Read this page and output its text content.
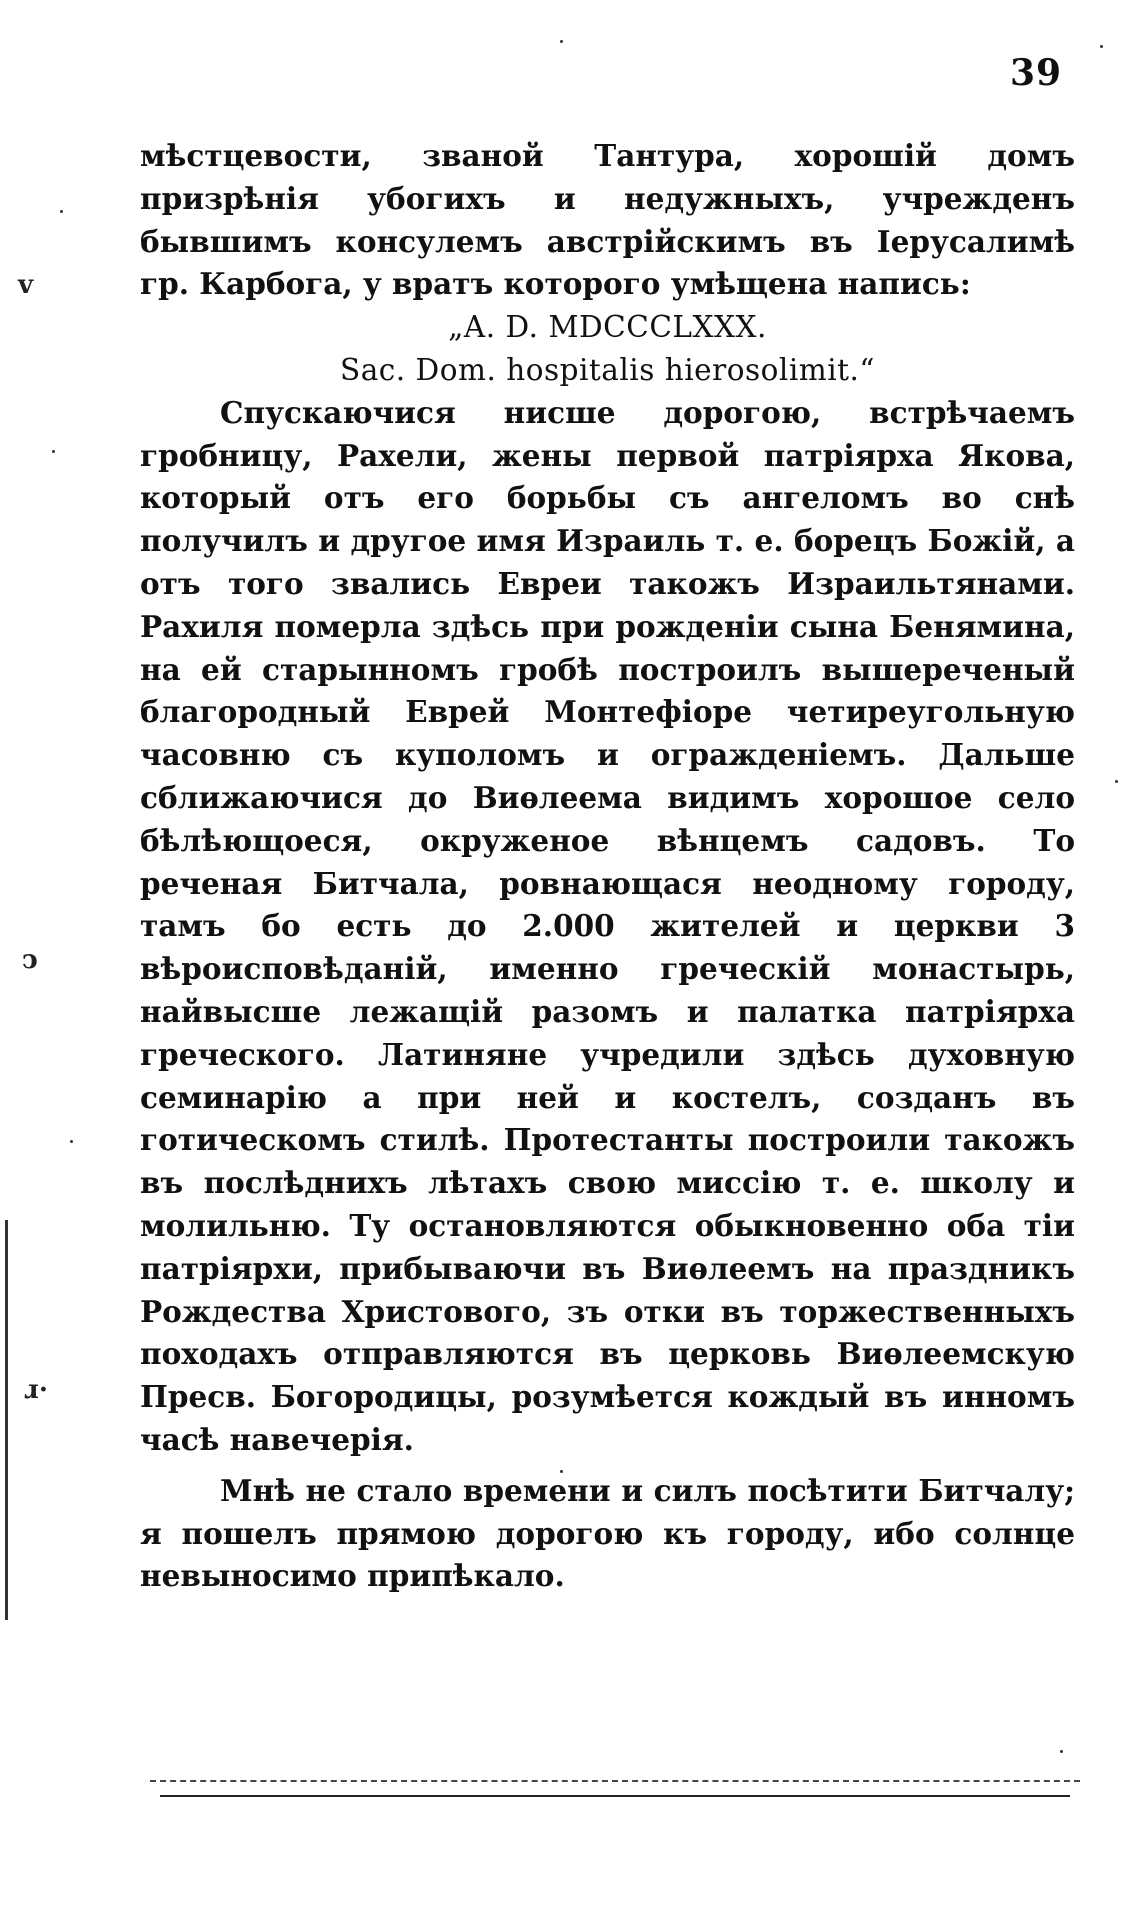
39

мѣстцевости, званой Тантура, хорошій домъ призрѣнія убогихъ и недужныхъ, учрежденъ бывшимъ консулемъ австрійскимъ въ Іерусалимѣ гр. Карбога, у вратъ которого умѣщена напись:

„A. D. MDCCCLXXX.
Sac. Dom. hospitalis hierosolimit.“

Спускаючися нисше дорогою, встрѣчаемъ гробницу, Рахели, жены первой патріярха Якова, который отъ его борьбы съ ангеломъ во снѣ получилъ и другое имя Израиль т. е. борецъ Божій, а отъ того звались Евреи такожъ Израильтянами. Рахиля померла здѣсь при рожденіи сына Бенямина, на ей старынномъ гробѣ построилъ вышереченый благородный Еврей Монтефіоре четиреугольную часовню съ куполомъ и огражденіемъ. Дальше сближаючися до Виѳлеема видимъ хорошое село бѣлѣющоеся, окруженое вѣнцемъ садовъ. То реченая Битчала, ровнающася неодному городу, тамъ бо есть до 2.000 жителей и церкви 3 вѣроисповѣданій, именно греческій монастырь, найвысше лежащій разомъ и палатка патріярха греческого. Латиняне учредили здѣсь духовную семинарію а при ней и костелъ, созданъ въ готическомъ стилѣ. Протестанты построили такожъ въ послѣднихъ лѣтахъ свою миссію т. е. школу и молильню. Ту остановляются обыкновенно оба тіи патріярхи, прибываючи въ Виѳлеемъ на праздникъ Рождества Христового, зъ отки въ торжественныхъ походахъ отправляются въ церковь Виѳлеемскую Пресв. Богородицы, розумѣется кождый въ инномъ часѣ навечерія.

Мнѣ не стало времени и силъ посѣтити Битчалу; я пошелъ прямою дорогою къ городу, ибо солнце невыносимо припѣкало.

ⅴ
ↄ
ɹ·
